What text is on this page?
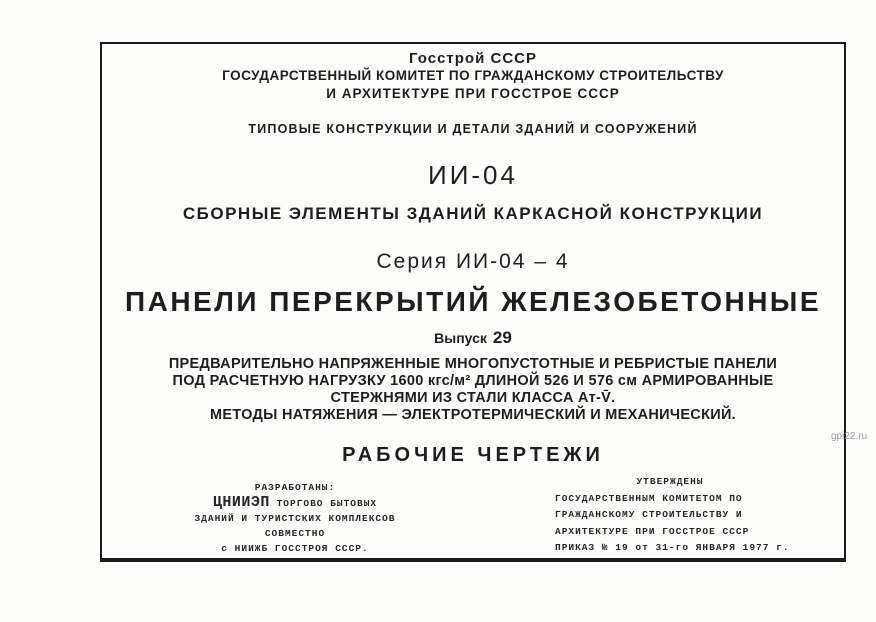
Госстрой СССР
ГОСУДАРСТВЕННЫЙ КОМИТЕТ ПО ГРАЖДАНСКОМУ СТРОИТЕЛЬСТВУ
И АРХИТЕКТУРЕ ПРИ ГОССТРОЕ СССР
ТИПОВЫЕ КОНСТРУКЦИИ И ДЕТАЛИ ЗДАНИЙ И СООРУЖЕНИЙ
ИИ-04
СБОРНЫЕ ЭЛЕМЕНТЫ ЗДАНИЙ КАРКАСНОЙ КОНСТРУКЦИИ
Серия ИИ-04 – 4
ПАНЕЛИ ПЕРЕКРЫТИЙ ЖЕЛЕЗОБЕТОННЫЕ
Выпуск 29
ПРЕДВАРИТЕЛЬНО НАПРЯЖЕННЫЕ МНОГОПУСТОТНЫЕ И РЕБРИСТЫЕ ПАНЕЛИ
ПОД РАСЧЕТНУЮ НАГРУЗКУ 1600 кгс/м² ДЛИНОЙ 526 И 576 см АРМИРОВАННЫЕ
СТЕРЖНЯМИ ИЗ СТАЛИ КЛАССА Ат-V̄.
МЕТОДЫ НАТЯЖЕНИЯ — ЭЛЕКТРОТЕРМИЧЕСКИЙ И МЕХАНИЧЕСКИЙ.
РАБОЧИЕ ЧЕРТЕЖИ
РАЗРАБОТАНЫ:
ЦНИИЭП ТОРГОВО БЫТОВЫХ
ЗДАНИЙ И ТУРИСТСКИХ КОМПЛЕКСОВ
СОВМЕСТНО
с НИИЖБ ГОССТРОЯ СССР.
УТВЕРЖДЕНЫ
ГОСУДАРСТВЕННЫМ КОМИТЕТОМ ПО
ГРАЖДАНСКОМУ СТРОИТЕЛЬСТВУ И
АРХИТЕКТУРЕ ПРИ ГОССТРОЕ СССР
ПРИКАЗ № 19 от 31-го ЯНВАРЯ 1977 г.
gpi22.ru
